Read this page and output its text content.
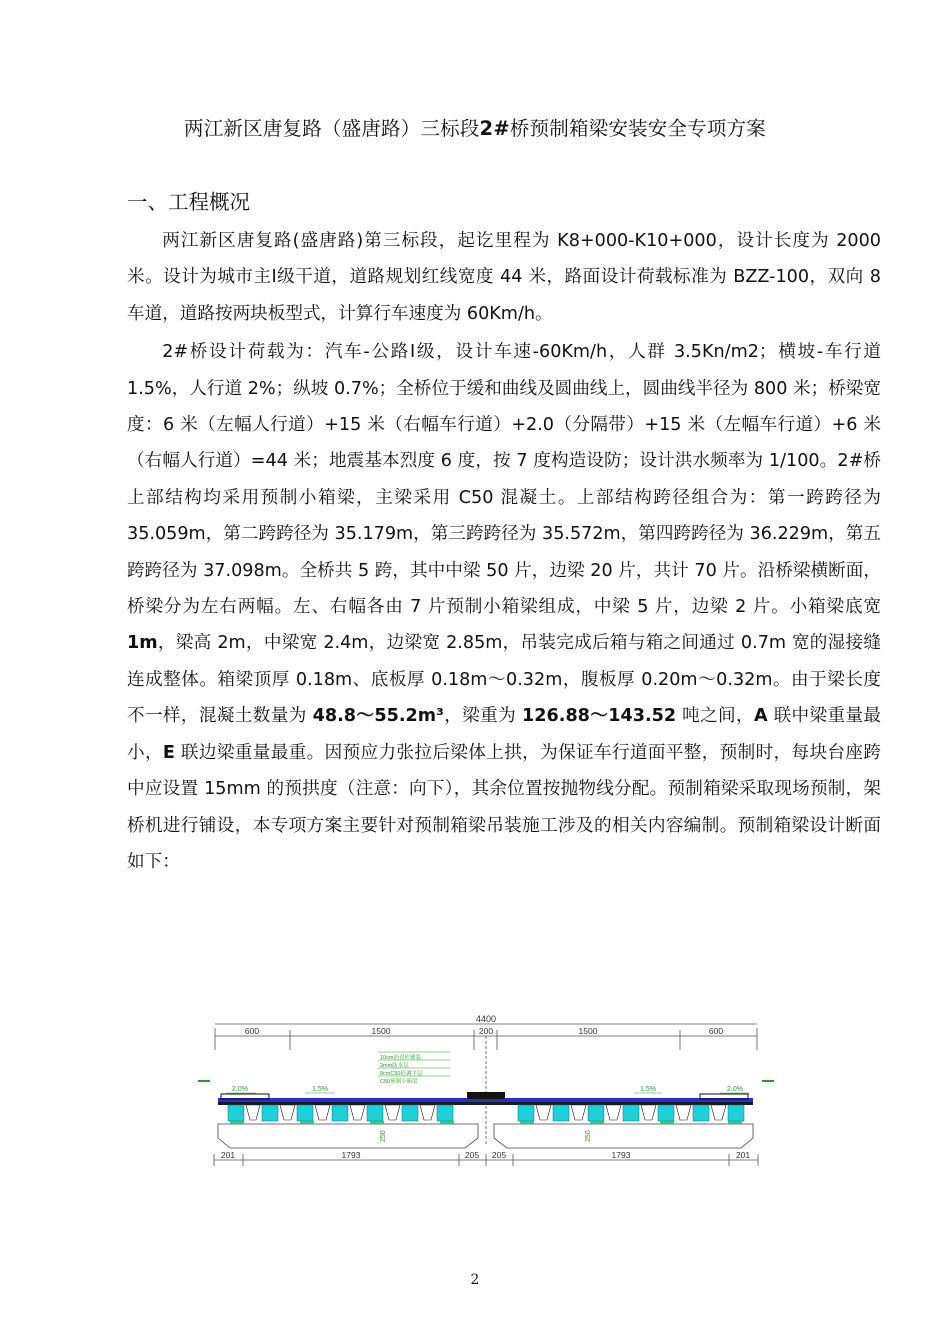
两江新区唐复路（盛唐路）三标段2#桥预制箱梁安装安全专项方案
一、工程概况

两江新区唐复路(盛唐路)第三标段，起讫里程为 K8+000-K10+000，设计长度为 2000 米。设计为城市主Ⅰ级干道，道路规划红线宽度 44 米，路面设计荷载标准为 BZZ-100，双向 8 车道，道路按两块板型式，计算行车速度为 60Km/h。

2#桥设计荷载为：汽车-公路Ⅰ级，设计车速-60Km/h，人群 3.5Kn/m2；横坡-车行道 1.5%，人行道 2%；纵坡 0.7%；全桥位于缓和曲线及圆曲线上，圆曲线半径为 800 米；桥梁宽度：6 米（左幅人行道）+15 米（右幅车行道）+2.0（分隔带）+15 米（左幅车行道）+6 米（右幅人行道）=44 米；地震基本烈度 6 度，按 7 度构造设防；设计洪水频率为 1/100。2#桥上部结构均采用预制小箱梁，主梁采用 C50 混凝土。上部结构跨径组合为：第一跨跨径为 35.059m，第二跨跨径为 35.179m，第三跨跨径为 35.572m，第四跨跨径为 36.229m，第五跨跨径为 37.098m。全桥共 5 跨，其中中梁 50 片，边梁 20 片，共计 70 片。沿桥梁横断面，桥梁分为左右两幅。左、右幅各由 7 片预制小箱梁组成，中梁 5 片，边梁 2 片。小箱梁底宽 1m，梁高 2m，中梁宽 2.4m，边梁宽 2.85m，吊装完成后箱与箱之间通过 0.7m 宽的湿接缝连成整体。箱梁顶厚 0.18m、底板厚 0.18m～0.32m，腹板厚 0.20m～0.32m。由于梁长度不一样，混凝土数量为 48.8～55.2m³，梁重为 126.88～143.52 吨之间，A 联中梁重量最小，E 联边梁重量最重。因预应力张拉后梁体上拱，为保证车行道面平整，预制时，每块台座跨中应设置 15mm 的预拱度（注意：向下），其余位置按抛物线分配。预制箱梁采取现场预制，架桥机进行铺设，本专项方案主要针对预制箱梁吊装施工涉及的相关内容编制。预制箱梁设计断面如下：

4400
600	1500	200	1500	600
10cm沥青砼铺装
2mm防水层
8cmC50砼调平层
C50预制小箱梁
2.0%	1.5%	1.5%	2.0%
250	250
201	1793	205 205	1793	201
2
